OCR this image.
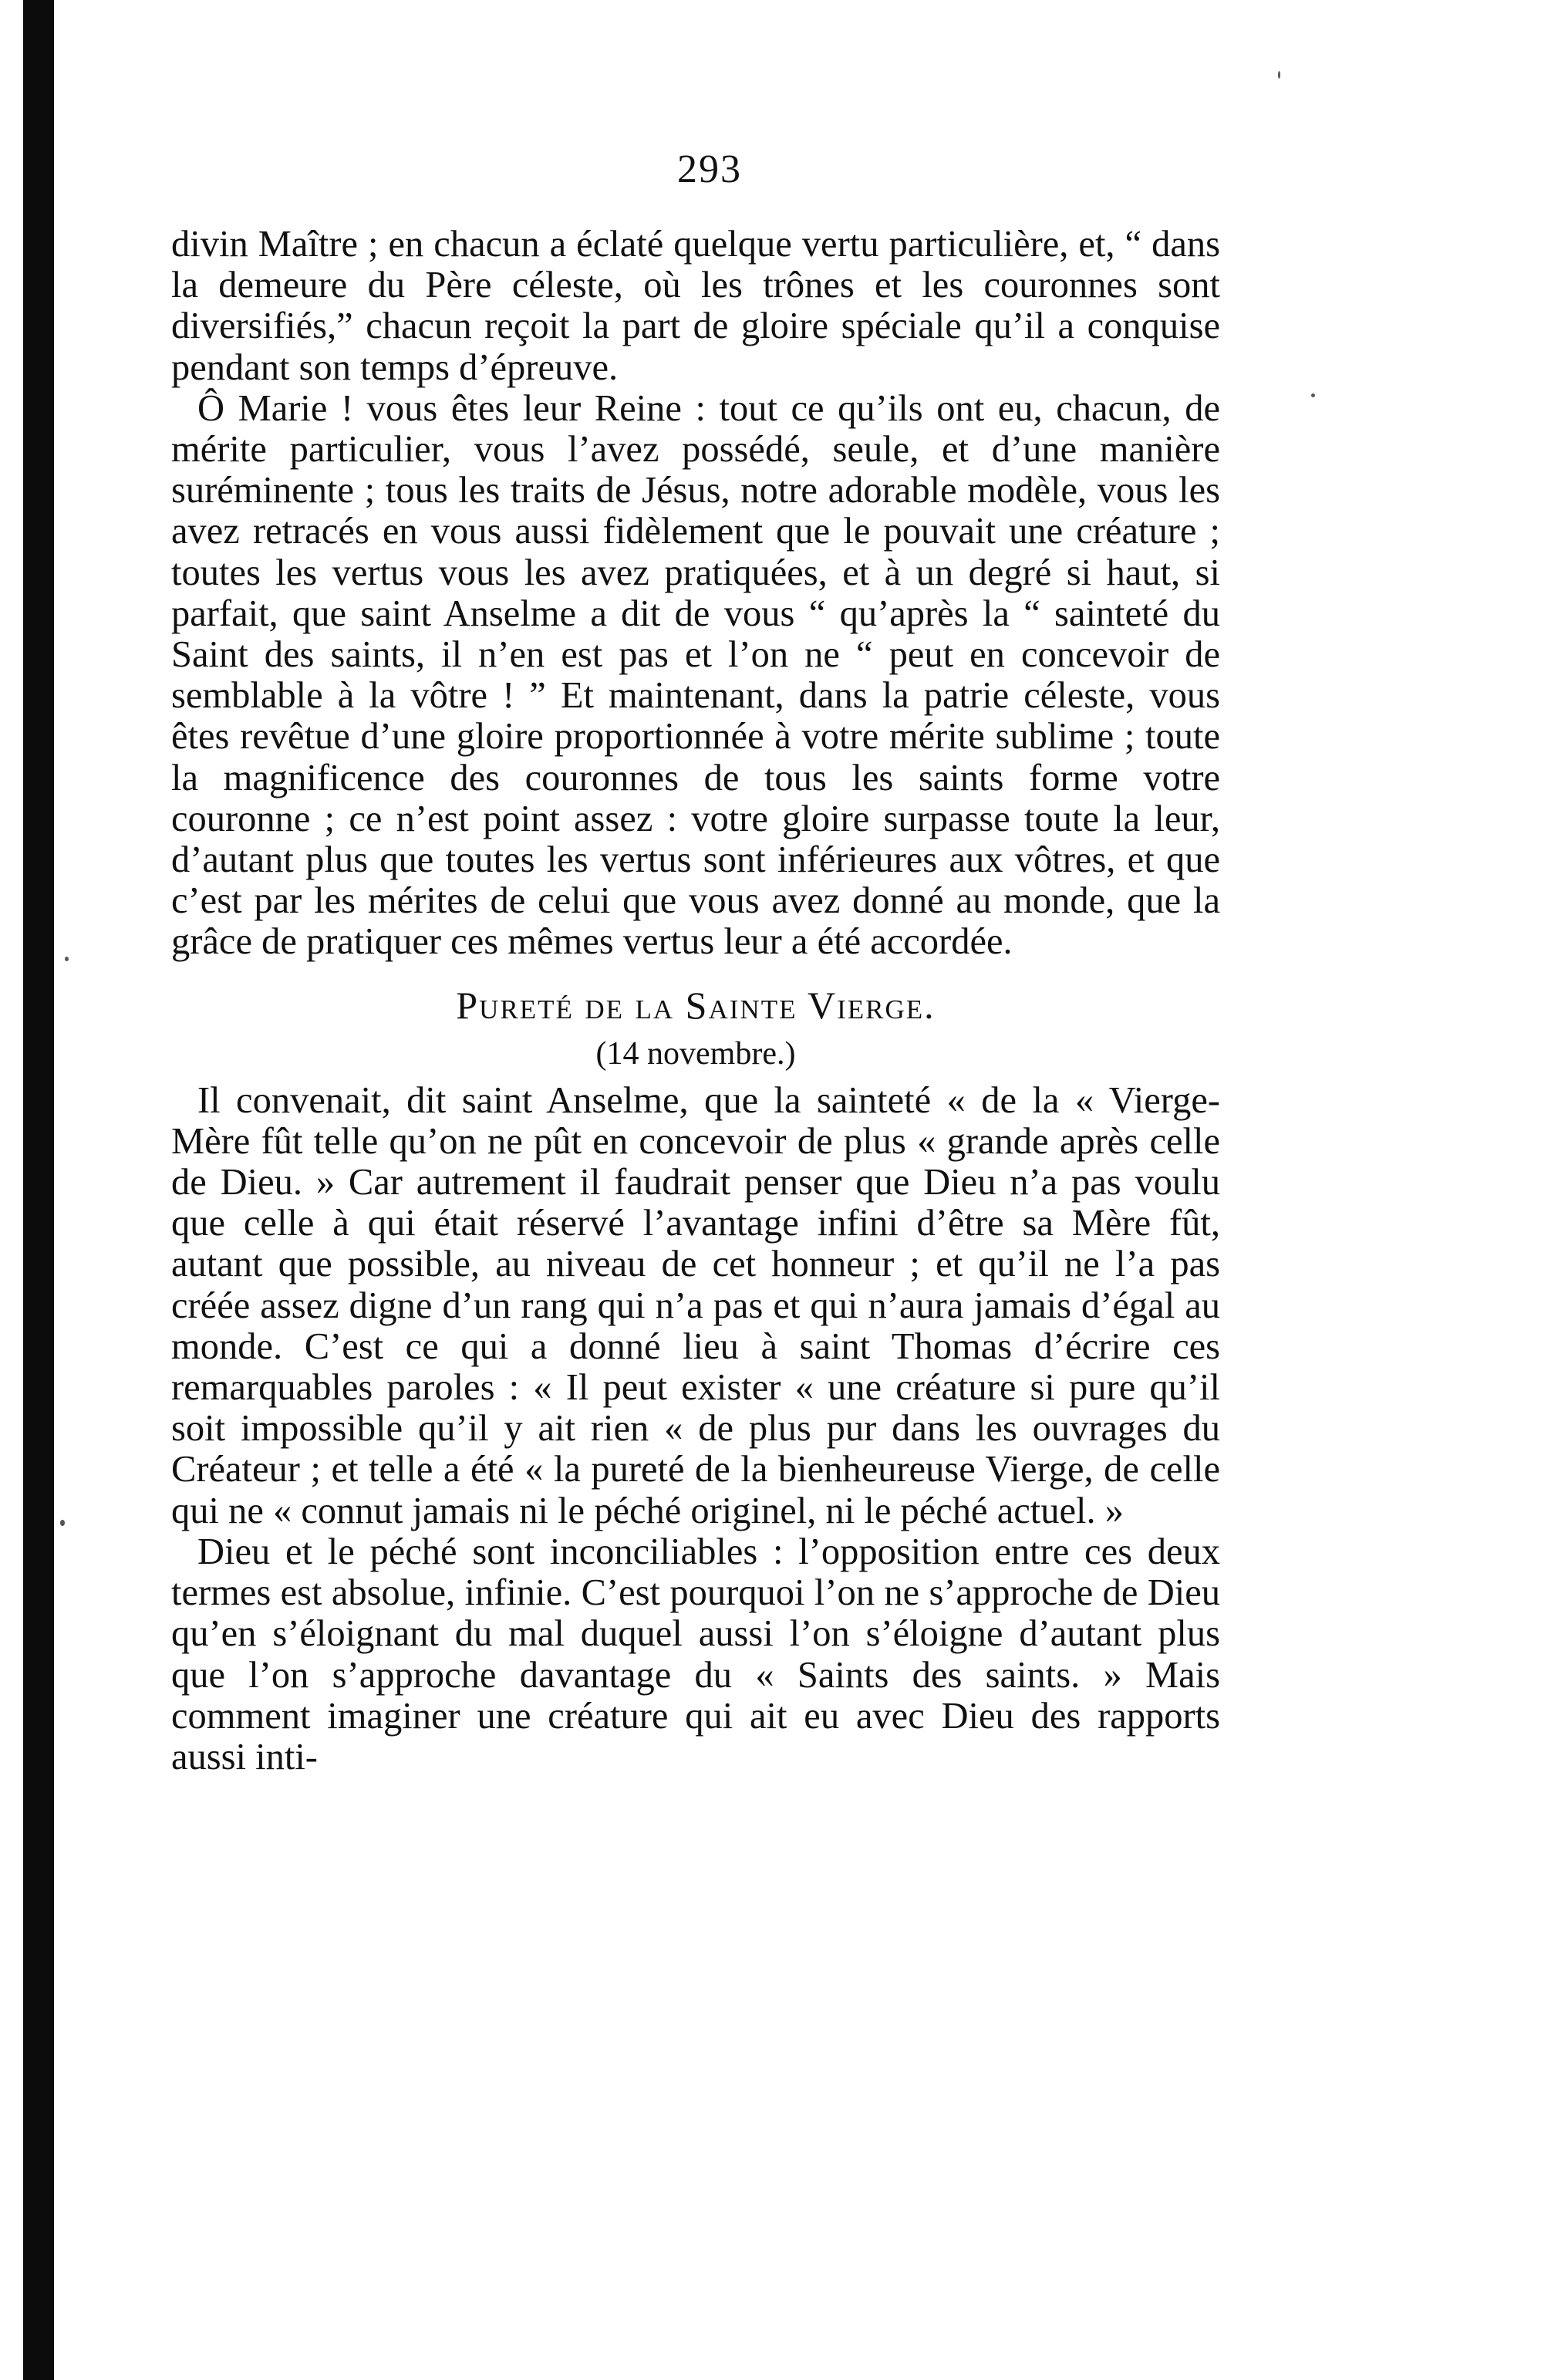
293

divin Maître ; en chacun a éclaté quelque vertu particulière, et, “ dans la demeure du Père céleste, où les trônes et les couronnes sont diversifiés,” chacun reçoit la part de gloire spéciale qu’il a conquise pendant son temps d’épreuve.

Ô Marie ! vous êtes leur Reine : tout ce qu’ils ont eu, chacun, de mérite particulier, vous l’avez possédé, seule, et d’une manière suréminente ; tous les traits de Jésus, notre adorable modèle, vous les avez retracés en vous aussi fidèlement que le pouvait une créature ; toutes les vertus vous les avez pratiquées, et à un degré si haut, si parfait, que saint Anselme a dit de vous “ qu’après la “ sainteté du Saint des saints, il n’en est pas et l’on ne “ peut en concevoir de semblable à la vôtre ! ” Et maintenant, dans la patrie céleste, vous êtes revêtue d’une gloire proportionnée à votre mérite sublime ; toute la magnificence des couronnes de tous les saints forme votre couronne ; ce n’est point assez : votre gloire surpasse toute la leur, d’autant plus que toutes les vertus sont inférieures aux vôtres, et que c’est par les mérites de celui que vous avez donné au monde, que la grâce de pratiquer ces mêmes vertus leur a été accordée.

Pureté de la Sainte Vierge.

(14 novembre.)

Il convenait, dit saint Anselme, que la sainteté « de la « Vierge-Mère fût telle qu’on ne pût en concevoir de plus « grande après celle de Dieu. » Car autrement il faudrait penser que Dieu n’a pas voulu que celle à qui était réservé l’avantage infini d’être sa Mère fût, autant que possible, au niveau de cet honneur ; et qu’il ne l’a pas créée assez digne d’un rang qui n’a pas et qui n’aura jamais d’égal au monde. C’est ce qui a donné lieu à saint Thomas d’écrire ces remarquables paroles : « Il peut exister « une créature si pure qu’il soit impossible qu’il y ait rien « de plus pur dans les ouvrages du Créateur ; et telle a été « la pureté de la bienheureuse Vierge, de celle qui ne « connut jamais ni le péché originel, ni le péché actuel. »

Dieu et le péché sont inconciliables : l’opposition entre ces deux termes est absolue, infinie. C’est pourquoi l’on ne s’approche de Dieu qu’en s’éloignant du mal duquel aussi l’on s’éloigne d’autant plus que l’on s’approche davantage du « Saints des saints. » Mais comment imaginer une créature qui ait eu avec Dieu des rapports aussi inti-
